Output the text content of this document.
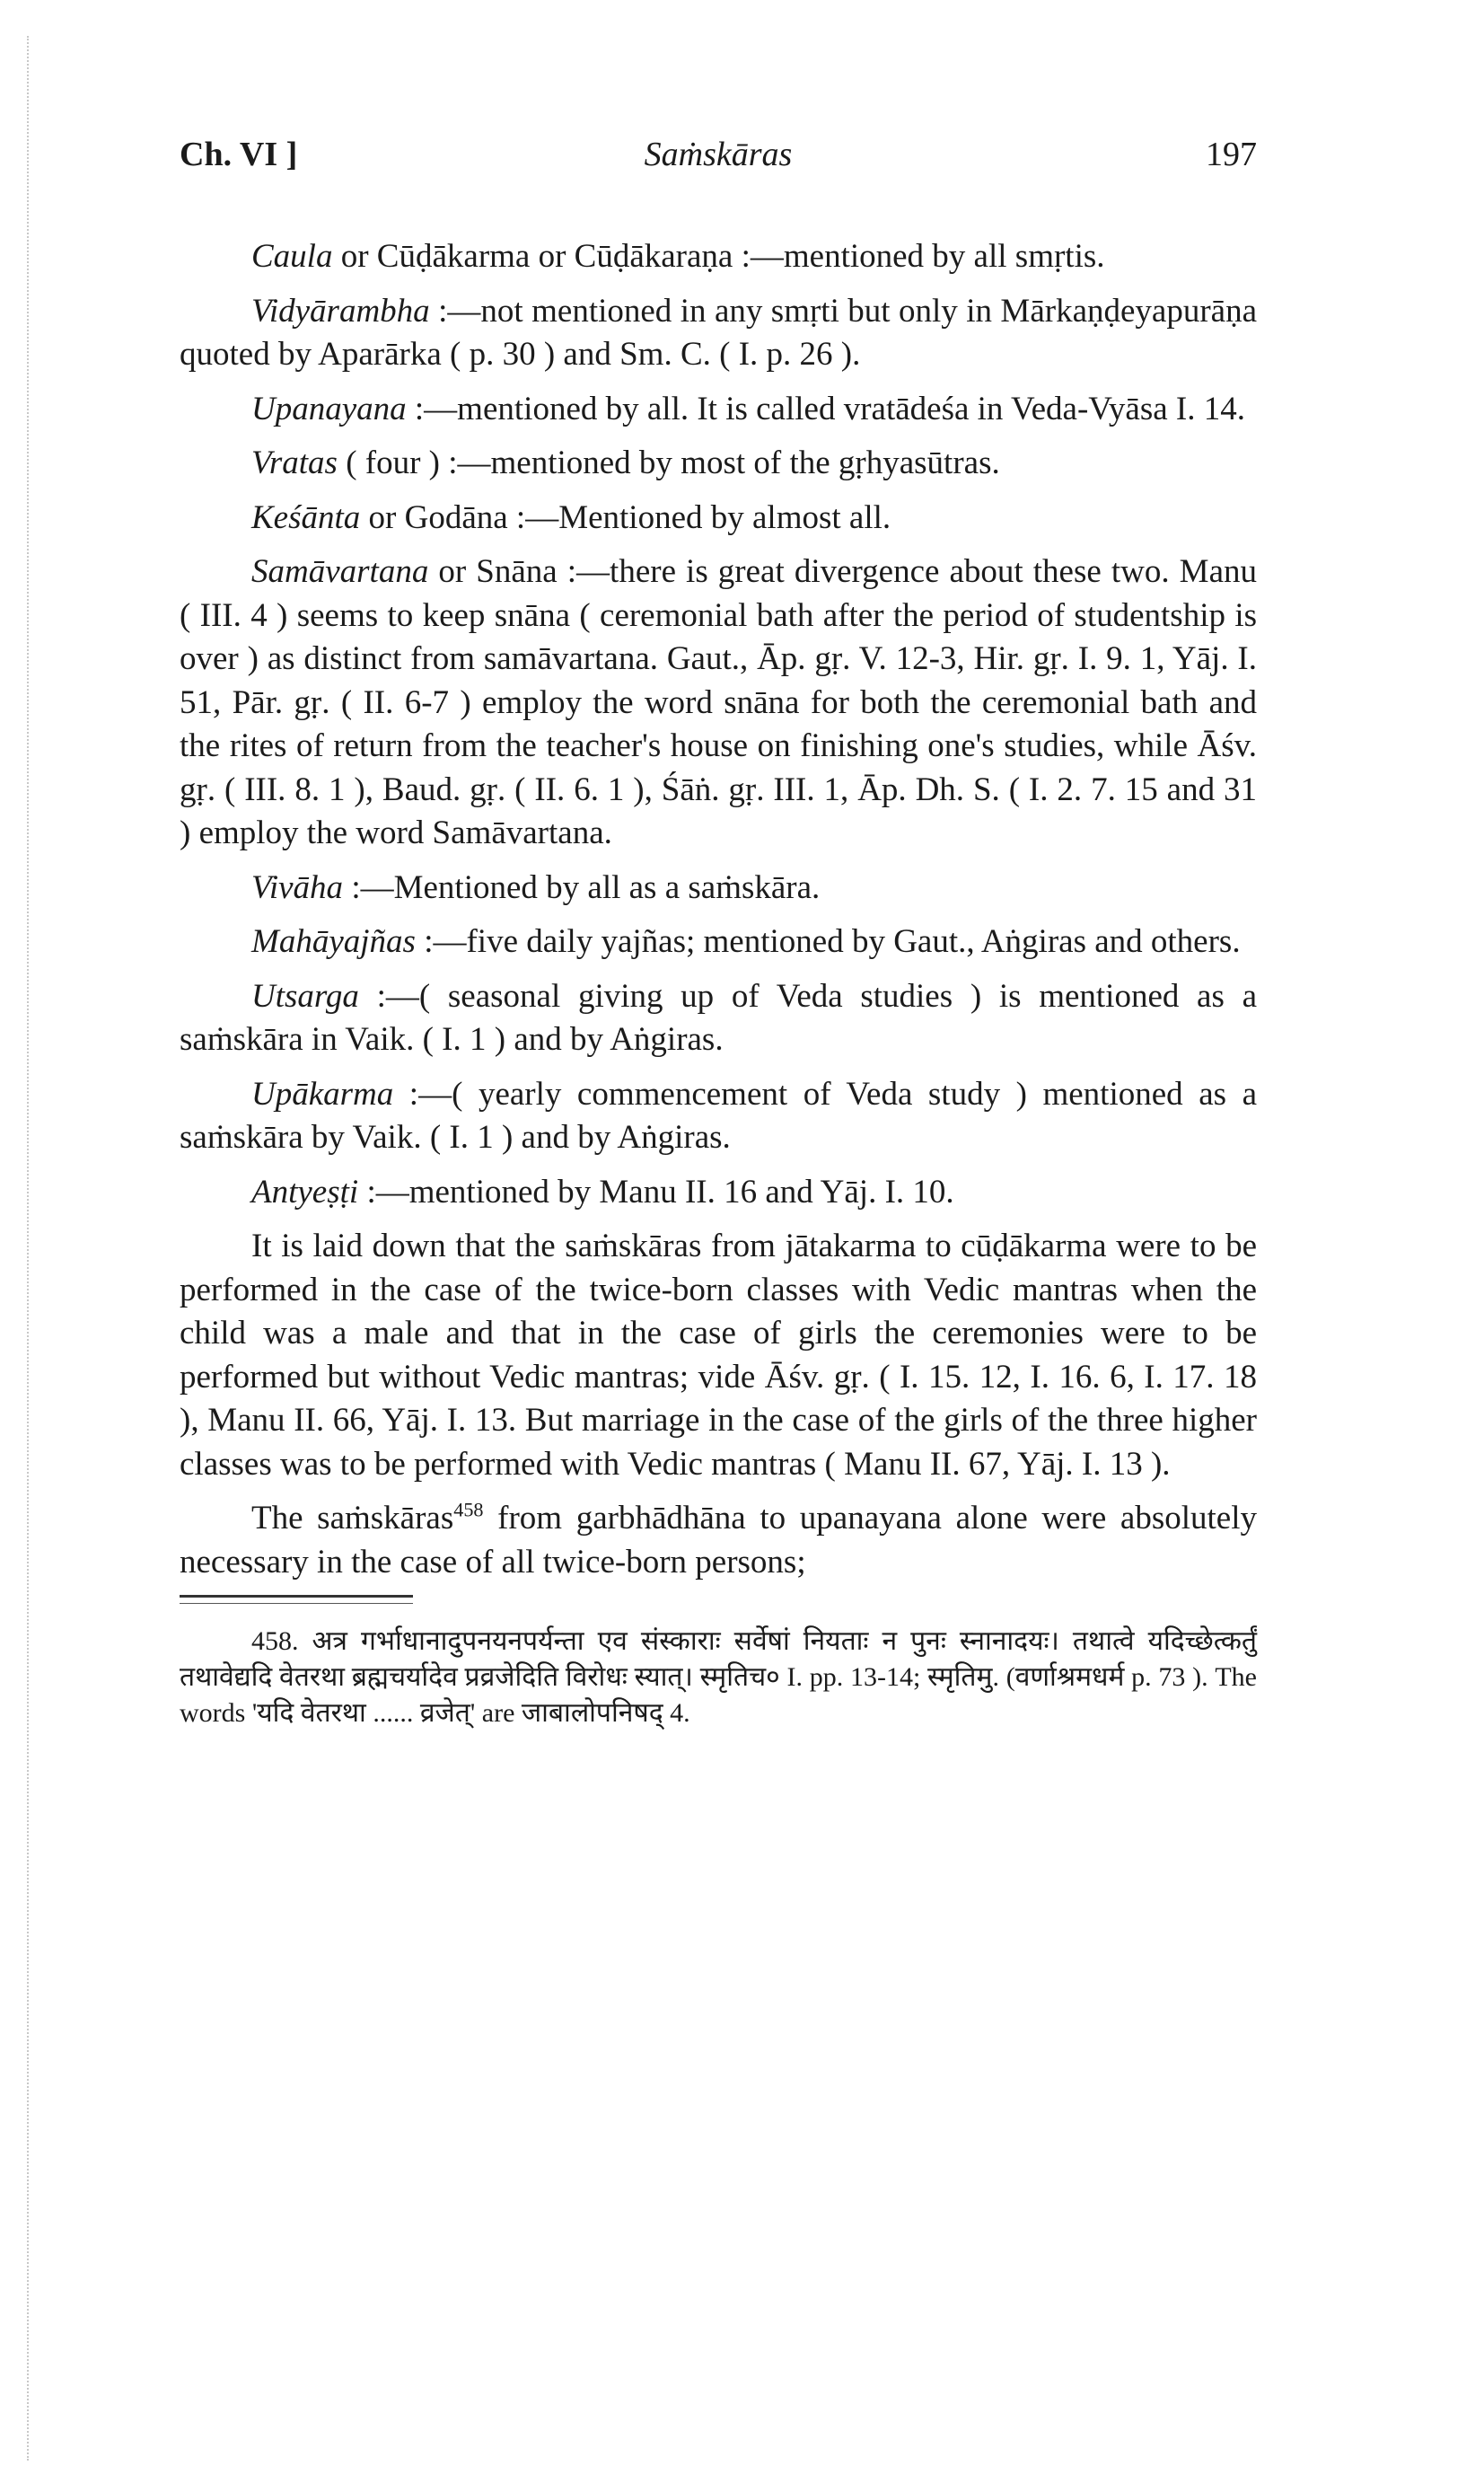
Ch. VI ]	Saṁskāras	197

Caula or Cūḍākarma or Cūḍākaraṇa :—mentioned by all smṛtis.

Vidyārambha :—not mentioned in any smṛti but only in Mārkaṇḍeyapurāṇa quoted by Aparārka ( p. 30 ) and Sm. C. ( I. p. 26 ).

Upanayana :—mentioned by all. It is called vratādeśa in Veda-Vyāsa I. 14.

Vratas ( four ) :—mentioned by most of the gṛhyasūtras.

Keśānta or Godāna :—Mentioned by almost all.

Samāvartana or Snāna :—there is great divergence about these two. Manu ( III. 4 ) seems to keep snāna ( ceremonial bath after the period of studentship is over ) as distinct from samāvartana. Gaut., Āp. gṛ. V. 12-3, Hir. gṛ. I. 9. 1, Yāj. I. 51, Pār. gṛ. ( II. 6-7 ) employ the word snāna for both the ceremonial bath and the rites of return from the teacher's house on finishing one's studies, while Āśv. gṛ. ( III. 8. 1 ), Baud. gṛ. ( II. 6. 1 ), Śāṅ. gṛ. III. 1, Āp. Dh. S. ( I. 2. 7. 15 and 31 ) employ the word Samāvartana.

Vivāha :—Mentioned by all as a saṁskāra.

Mahāyajñas :—five daily yajñas; mentioned by Gaut., Aṅgiras and others.

Utsarga :—( seasonal giving up of Veda studies ) is mentioned as a saṁskāra in Vaik. ( I. 1 ) and by Aṅgiras.

Upākarma :—( yearly commencement of Veda study ) mentioned as a saṁskāra by Vaik. ( I. 1 ) and by Aṅgiras.

Antyeṣṭi :—mentioned by Manu II. 16 and Yāj. I. 10.

It is laid down that the saṁskāras from jātakarma to cūḍākarma were to be performed in the case of the twice-born classes with Vedic mantras when the child was a male and that in the case of girls the ceremonies were to be performed but without Vedic mantras; vide Āśv. gṛ. ( I. 15. 12, I. 16. 6, I. 17. 18 ), Manu II. 66, Yāj. I. 13. But marriage in the case of the girls of the three higher classes was to be performed with Vedic mantras ( Manu II. 67, Yāj. I. 13 ).

The saṁskāras$^{458}$ from garbhādhāna to upanayana alone were absolutely necessary in the case of all twice-born persons;

458. अत्र गर्भाधानादुपनयनपर्यन्ता एव संस्काराः सर्वेषां नियताः न पुनः स्नानादयः। तथात्वे यदिच्छेत्कर्तुं तथावेद्यदि वेतरथा ब्रह्मचर्यादेव प्रव्रजेदिति विरोधः स्यात्। स्मृतिच० I. pp. 13-14; स्मृतिमु. (वर्णाश्रमधर्म p. 73 ). The words 'यदि वेतरथा ...... व्रजेत्' are जाबालोपनिषद् 4.
